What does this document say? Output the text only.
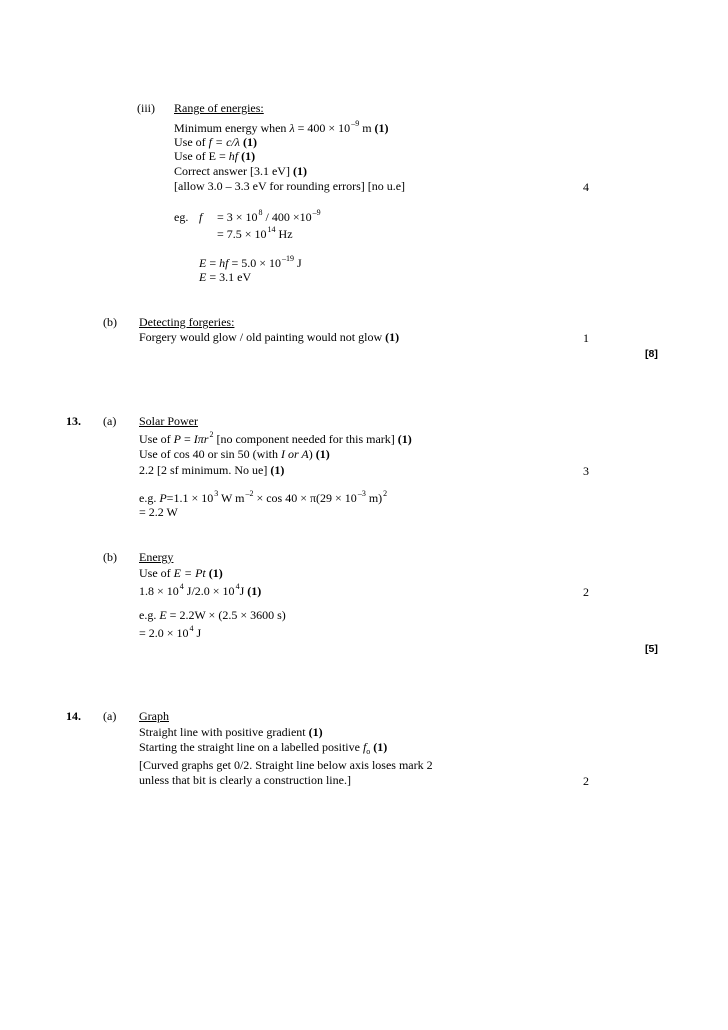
(iii) Range of energies:
Minimum energy when $\lambda = 400 \times 10^{-9}$ m (1)
Use of f = c/λ (1)
Use of E = hf (1)
Correct answer [3.1 eV] (1)
[allow 3.0 – 3.3 eV for rounding errors] [no u.e]	4
eg. $f = 3 \times 10^8 / 400 \times 10^{-9}$
= $7.5 \times 10^{14}$ Hz
E = hf = $5.0 \times 10^{-19}$ J
E = 3.1 eV
(b) Detecting forgeries:
Forgery would glow / old painting would not glow (1)	1
[8]
13. (a) Solar Power
Use of P = Iπr$^2$ [no component needed for this mark] (1)
Use of cos 40 or sin 50 (with I or A) (1)
2.2 [2 sf minimum. No ue] (1)	3
e.g. $P=1.1 \times 10^3$ W $m^{-2} \times \cos 40 \times \pi(29 \times 10^{-3}$ m)$^2$
= 2.2 W
(b) Energy
Use of E = Pt (1)
$1.8 \times 10^4$ $J/2.0 \times 10^4J$ (1)	2
e.g. E = 2.2W × (2.5 × 3600 s)
= $2.0 \times 10^4$ J
[5]
14. (a) Graph
Straight line with positive gradient (1)
Starting the straight line on a labelled positive $f_o$ (1)
[Curved graphs get 0/2. Straight line below axis loses mark 2
unless that bit is clearly a construction line.]	2
